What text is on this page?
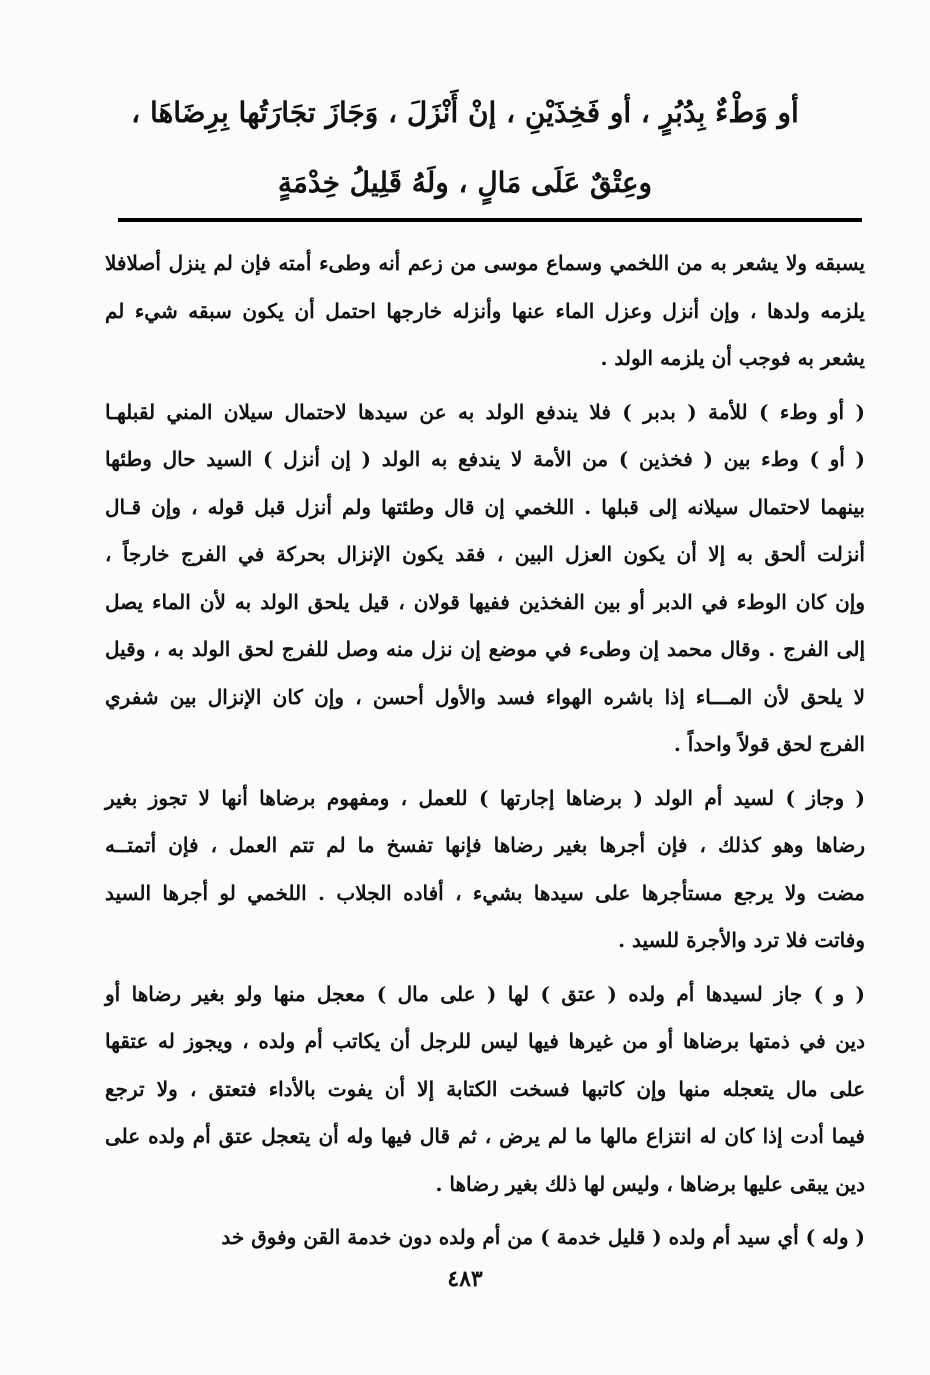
أو وَطْءٌ بِدُبُرٍ ، أو فَخِذَيْنِ ، إنْ أَنْزَلَ ، وَجَازَ تجَارَتُها بِرِضَاهَا ،
وعِتْقٌ عَلَى مَالٍ ، ولَهُ قَلِيلُ خِدْمَةٍ
يسبقه ولا يشعر به من اللخمي وسماع موسى من زعم أنه وطىء أمته فإن لم ينزل أصلافلا
يلزمه ولدها ، وإن أنزل وعزل الماء عنها وأنزله خارجها احتمل أن يكون سبقه شيء لم
يشعر به فوجب أن يلزمه الولد .
( أو وطء ) للأمة ( بدبر ) فلا يندفع الولد به عن سيدها لاحتمال سيلان المني لقبلهـا
( أو ) وطء بين ( فخذين ) من الأمة لا يندفع به الولد ( إن أنزل ) السيد حال وطئها
بينهما لاحتمال سيلانه إلى قبلها . اللخمي إن قال وطئتها ولم أنزل قبل قوله ، وإن قـال
أنزلت ألحق به إلا أن يكون العزل البين ، فقد يكون الإنزال بحركة في الفرج خارجاً ،
وإن كان الوطء في الدبر أو بين الفخذين ففيها قولان ، قيل يلحق الولد به لأن الماء يصل
إلى الفرج . وقال محمد إن وطىء في موضع إن نزل منه وصل للفرج لحق الولد به ، وقيل
لا يلحق لأن المـــاء إذا باشره الهواء فسد والأول أحسن ، وإن كان الإنزال بين شفري
الفرج لحق قولاً واحداً .
( وجاز ) لسيد أم الولد ( برضاها إجارتها ) للعمل ، ومفهوم برضاها أنها لا تجوز بغير
رضاها وهو كذلك ، فإن أجرها بغير رضاها فإنها تفسخ ما لم تتم العمل ، فإن أتمتــه
مضت ولا يرجع مستأجرها على سيدها بشيء ، أفاده الجلاب . اللخمي لو أجرها السيد
وفاتت فلا ترد والأجرة للسيد .
( و ) جاز لسيدها أم ولده ( عتق ) لها ( على مال ) معجل منها ولو بغير رضاها أو
دين في ذمتها برضاها أو من غيرها فيها ليس للرجل أن يكاتب أم ولده ، ويجوز له عتقها
على مال يتعجله منها وإن كاتبها فسخت الكتابة إلا أن يفوت بالأداء فتعتق ، ولا ترجع
فيما أدت إذا كان له انتزاع مالها ما لم يرض ، ثم قال فيها وله أن يتعجل عتق أم ولده على
دين يبقى عليها برضاها ، وليس لها ذلك بغير رضاها .
( وله ) أي سيد أم ولده ( قليل خدمة ) من أم ولده دون خدمة القن وفوق خد
٤٨٣
